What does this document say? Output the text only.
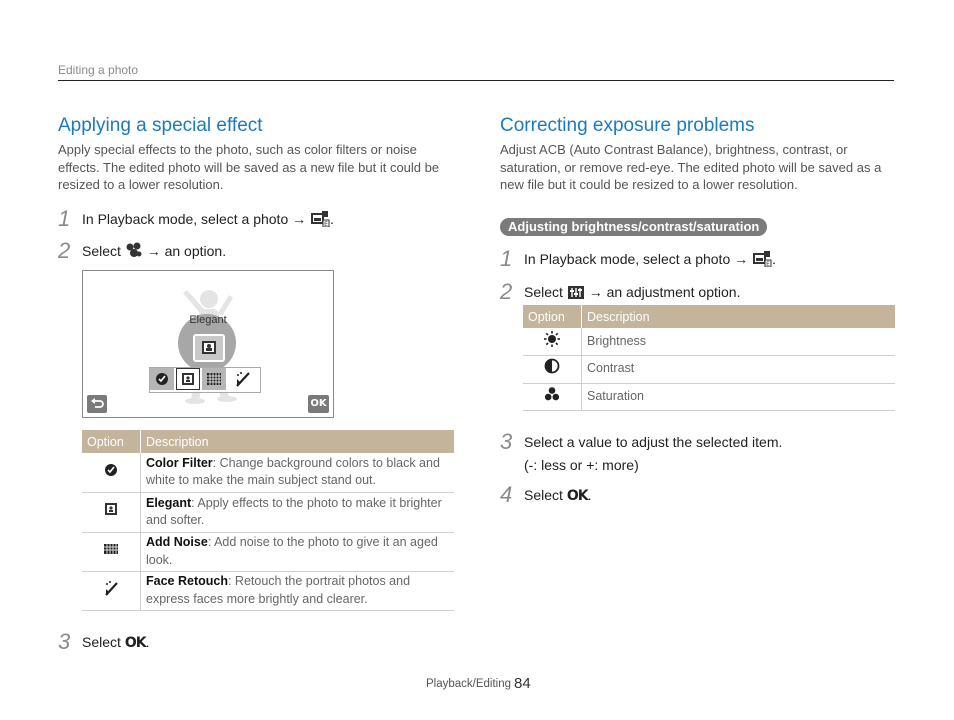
Editing a photo
Applying a special effect

Apply special effects to the photo, such as color filters or noise effects. The edited photo will be saved as a new file but it could be resized to a lower resolution.

1 In Playback mode, select a photo →	E .
2 Select → an option.
Elegant
OK
Option	Description
	Color Filter: Change background colors to black and white to make the main subject stand out.
	Elegant: Apply effects to the photo to make it brighter and softer.
	Add Noise: Add noise to the photo to give it an aged look.
	Face Retouch: Retouch the portrait photos and express faces more brightly and clearer.
3 Select OK.
Correcting exposure problems

Adjust ACB (Auto Contrast Balance), brightness, contrast, or saturation, or remove red-eye. The edited photo will be saved as a new file but it could be resized to a lower resolution.

Adjusting brightness/contrast/saturation
1 In Playback mode, select a photo →	E .
2 Select → an adjustment option.
Option	Description
	Brightness
	Contrast
	Saturation
3 Select a value to adjust the selected item.
(-: less or +: more)
4 Select OK.
Playback/Editing 84
